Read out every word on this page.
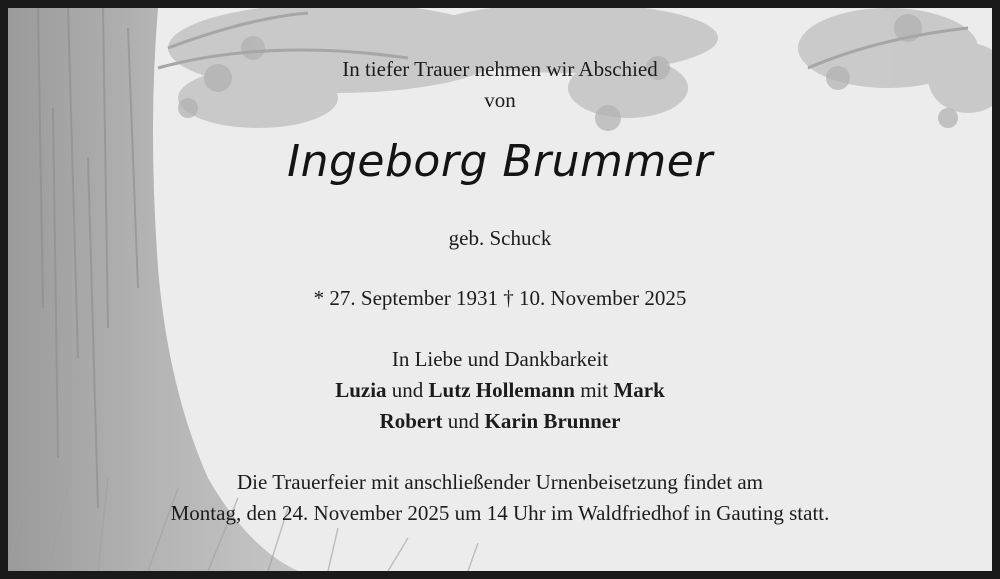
In tiefer Trauer nehmen wir Abschied
von
Ingeborg Brummer
geb. Schuck
* 27. September 1931 † 10. November 2025
In Liebe und Dankbarkeit
Luzia und Lutz Hollemann mit Mark
Robert und Karin Brunner
Die Trauerfeier mit anschließender Urnenbeisetzung findet am
Montag, den 24. November 2025 um 14 Uhr im Waldfriedhof in Gauting statt.
